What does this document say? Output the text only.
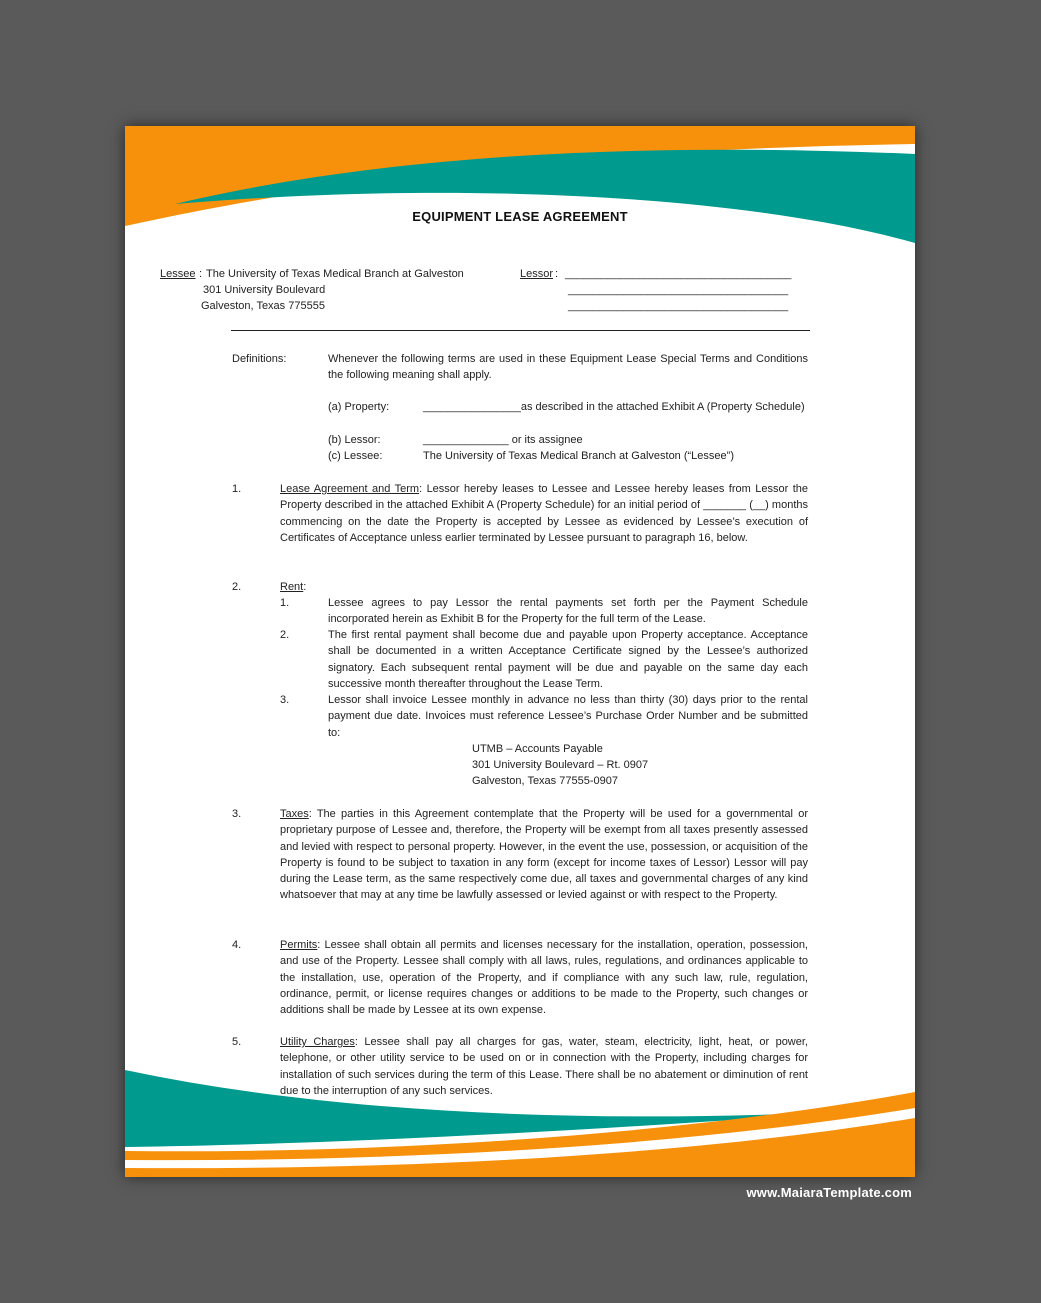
EQUIPMENT LEASE AGREEMENT
Lessee : The University of Texas Medical Branch at Galveston
301 University Boulevard
Galveston, Texas 775555
Lessor : _____________________________________
____________________________________
____________________________________
Definitions:	Whenever the following terms are used in these Equipment Lease Special Terms and Conditions the following meaning shall apply.
(a) Property:	________________as described in the attached Exhibit A (Property Schedule)
(b) Lessor:	______________ or its assignee
(c) Lessee:	The University of Texas Medical Branch at Galveston (“Lessee”)
1.	Lease Agreement and Term: Lessor hereby leases to Lessee and Lessee hereby leases from Lessor the Property described in the attached Exhibit A (Property Schedule) for an initial period of _______ (__) months commencing on the date the Property is accepted by Lessee as evidenced by Lessee’s execution of Certificates of Acceptance unless earlier terminated by Lessee pursuant to paragraph 16, below.
2.	Rent:
1.	Lessee agrees to pay Lessor the rental payments set forth per the Payment Schedule incorporated herein as Exhibit B for the Property for the full term of the Lease.
2.	The first rental payment shall become due and payable upon Property acceptance. Acceptance shall be documented in a written Acceptance Certificate signed by the Lessee’s authorized signatory. Each subsequent rental payment will be due and payable on the same day each successive month thereafter throughout the Lease Term.
3.	Lessor shall invoice Lessee monthly in advance no less than thirty (30) days prior to the rental payment due date. Invoices must reference Lessee’s Purchase Order Number and be submitted to:
UTMB – Accounts Payable
301 University Boulevard – Rt. 0907
Galveston, Texas 77555-0907
3.	Taxes: The parties in this Agreement contemplate that the Property will be used for a governmental or proprietary purpose of Lessee and, therefore, the Property will be exempt from all taxes presently assessed and levied with respect to personal property. However, in the event the use, possession, or acquisition of the Property is found to be subject to taxation in any form (except for income taxes of Lessor) Lessor will pay during the Lease term, as the same respectively come due, all taxes and governmental charges of any kind whatsoever that may at any time be lawfully assessed or levied against or with respect to the Property.
4.	Permits: Lessee shall obtain all permits and licenses necessary for the installation, operation, possession, and use of the Property. Lessee shall comply with all laws, rules, regulations, and ordinances applicable to the installation, use, operation of the Property, and if compliance with any such law, rule, regulation, ordinance, permit, or license requires changes or additions to be made to the Property, such changes or additions shall be made by Lessee at its own expense.
5.	Utility Charges: Lessee shall pay all charges for gas, water, steam, electricity, light, heat, or power, telephone, or other utility service to be used on or in connection with the Property, including charges for installation of such services during the term of this Lease. There shall be no abatement or diminution of rent due to the interruption of any such services.
www.MaiaraTemplate.com
